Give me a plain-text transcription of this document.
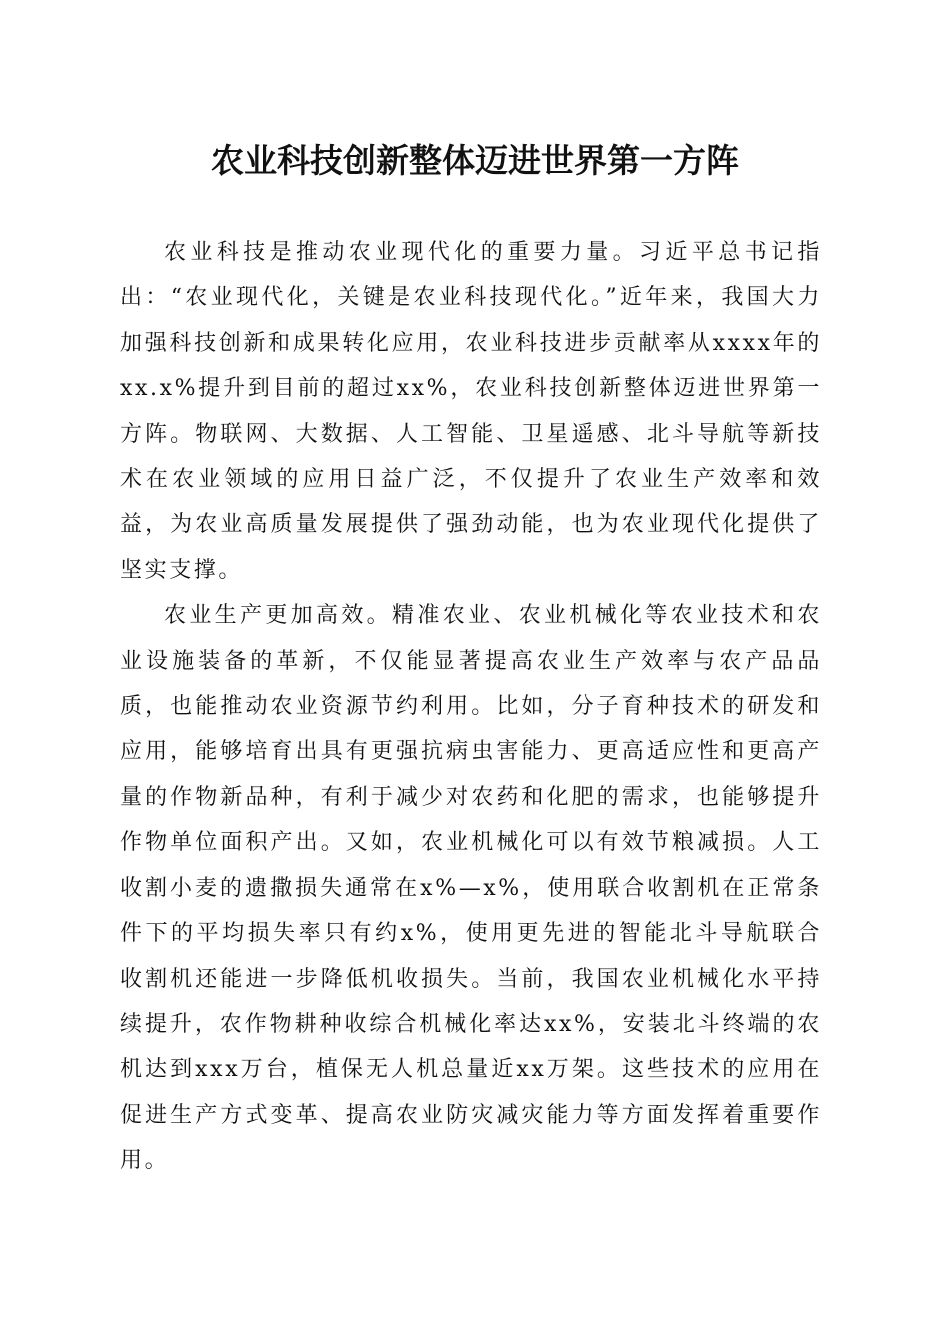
农业科技创新整体迈进世界第一方阵

农业科技是推动农业现代化的重要力量。习近平总书记指出：“农业现代化，关键是农业科技现代化。”近年来，我国大力加强科技创新和成果转化应用，农业科技进步贡献率从xxxx年的xx.x%提升到目前的超过xx%，农业科技创新整体迈进世界第一方阵。物联网、大数据、人工智能、卫星遥感、北斗导航等新技术在农业领域的应用日益广泛，不仅提升了农业生产效率和效益，为农业高质量发展提供了强劲动能，也为农业现代化提供了坚实支撑。

农业生产更加高效。精准农业、农业机械化等农业技术和农业设施装备的革新，不仅能显著提高农业生产效率与农产品品质，也能推动农业资源节约利用。比如，分子育种技术的研发和应用，能够培育出具有更强抗病虫害能力、更高适应性和更高产量的作物新品种，有利于减少对农药和化肥的需求，也能够提升作物单位面积产出。又如，农业机械化可以有效节粮减损。人工收割小麦的遗撒损失通常在x%—x%，使用联合收割机在正常条件下的平均损失率只有约x%，使用更先进的智能北斗导航联合收割机还能进一步降低机收损失。当前，我国农业机械化水平持续提升，农作物耕种收综合机械化率达xx%，安装北斗终端的农机达到xxx万台，植保无人机总量近xx万架。这些技术的应用在促进生产方式变革、提高农业防灾减灾能力等方面发挥着重要作用。
